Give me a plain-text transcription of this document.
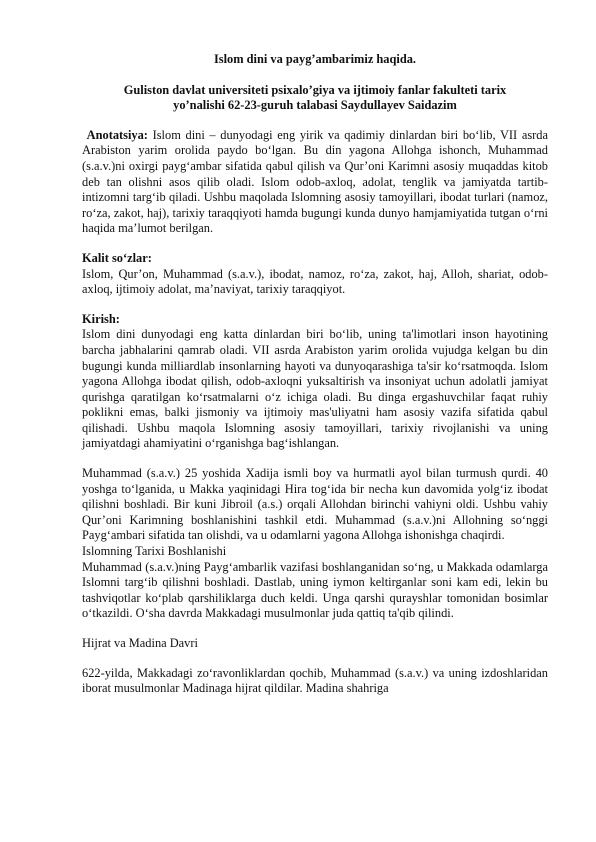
Islom dini va payg’ambarimiz haqida.
Guliston davlat universiteti psixalo’giya va ijtimoiy fanlar fakulteti tarix
yo’nalishi 62-23-guruh talabasi Saydullayev Saidazim

Anotatsiya: Islom dini – dunyodagi eng yirik va qadimiy dinlardan biri bo‘lib, VII asrda Arabiston yarim orolida paydo bo‘lgan. Bu din yagona Allohga ishonch, Muhammad (s.a.v.)ni oxirgi payg‘ambar sifatida qabul qilish va Qur’oni Karimni asosiy muqaddas kitob deb tan olishni asos qilib oladi. Islom odob-axloq, adolat, tenglik va jamiyatda tartib-intizomni targ‘ib qiladi. Ushbu maqolada Islomning asosiy tamoyillari, ibodat turlari (namoz, ro‘za, zakot, haj), tarixiy taraqqiyoti hamda bugungi kunda dunyo hamjamiyatida tutgan o‘rni haqida ma’lumot berilgan.

Kalit so‘zlar:

Islom, Qur’on, Muhammad (s.a.v.), ibodat, namoz, ro‘za, zakot, haj, Alloh, shariat, odob-axloq, ijtimoiy adolat, ma’naviyat, tarixiy taraqqiyot.

Kirish:

Islom dini dunyodagi eng katta dinlardan biri bo‘lib, uning ta'limotlari inson hayotining barcha jabhalarini qamrab oladi. VII asrda Arabiston yarim orolida vujudga kelgan bu din bugungi kunda milliardlab insonlarning hayoti va dunyoqarashiga ta'sir ko‘rsatmoqda. Islom yagona Allohga ibodat qilish, odob-axloqni yuksaltirish va insoniyat uchun adolatli jamiyat qurishga qaratilgan ko‘rsatmalarni o‘z ichiga oladi. Bu dinga ergashuvchilar faqat ruhiy poklikni emas, balki jismoniy va ijtimoiy mas'uliyatni ham asosiy vazifa sifatida qabul qilishadi. Ushbu maqola Islomning asosiy tamoyillari, tarixiy rivojlanishi va uning jamiyatdagi ahamiyatini o‘rganishga bag‘ishlangan.

Muhammad (s.a.v.) 25 yoshida Xadija ismli boy va hurmatli ayol bilan turmush qurdi. 40 yoshga to‘lganida, u Makka yaqinidagi Hira tog‘ida bir necha kun davomida yolg‘iz ibodat qilishni boshladi. Bir kuni Jibroil (a.s.) orqali Allohdan birinchi vahiyni oldi. Ushbu vahiy Qur’oni Karimning boshlanishini tashkil etdi. Muhammad (s.a.v.)ni Allohning so‘nggi Payg‘ambari sifatida tan olishdi, va u odamlarni yagona Allohga ishonishga chaqirdi.

Islomning Tarixi Boshlanishi

Muhammad (s.a.v.)ning Payg‘ambarlik vazifasi boshlanganidan so‘ng, u Makkada odamlarga Islomni targ‘ib qilishni boshladi. Dastlab, uning iymon keltirganlar soni kam edi, lekin bu tashviqotlar ko‘plab qarshiliklarga duch keldi. Unga qarshi qurayshlar tomonidan bosimlar o‘tkazildi. O‘sha davrda Makkadagi musulmonlar juda qattiq ta'qib qilindi.

Hijrat va Madina Davri

622-yilda, Makkadagi zo‘ravonliklardan qochib, Muhammad (s.a.v.) va uning izdoshlaridan iborat musulmonlar Madinaga hijrat qildilar. Madina shahriga
